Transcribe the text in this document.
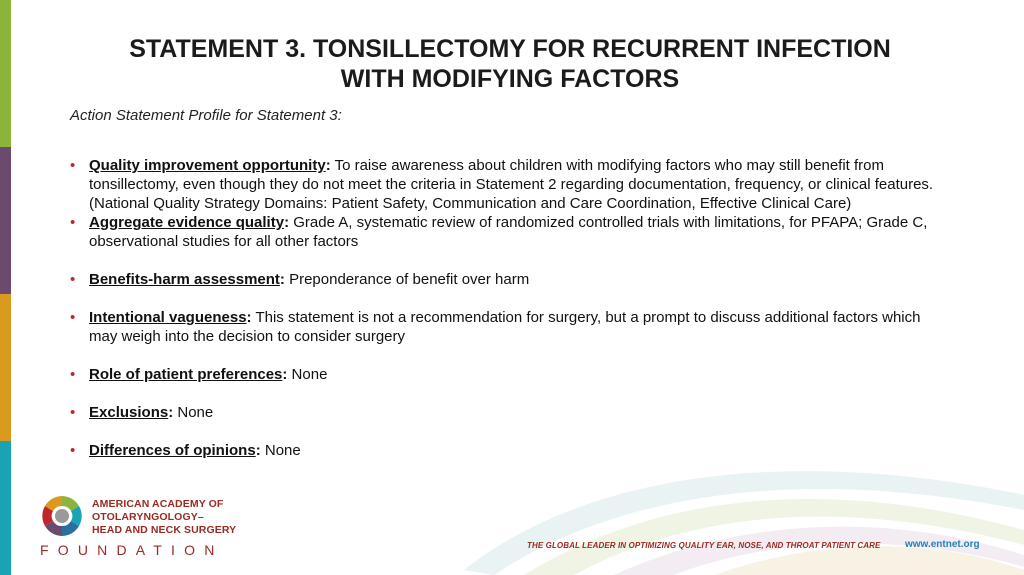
STATEMENT 3. TONSILLECTOMY FOR RECURRENT INFECTION
WITH MODIFYING FACTORS
Action Statement Profile for Statement 3:
• Quality improvement opportunity: To raise awareness about children with modifying factors who may still benefit from tonsillectomy, even though they do not meet the criteria in Statement 2 regarding documentation, frequency, or clinical features. (National Quality Strategy Domains: Patient Safety, Communication and Care Coordination, Effective Clinical Care)
• Aggregate evidence quality: Grade A, systematic review of randomized controlled trials with limitations, for PFAPA; Grade C, observational studies for all other factors
• Benefits-harm assessment: Preponderance of benefit over harm
• Intentional vagueness: This statement is not a recommendation for surgery, but a prompt to discuss additional factors which may weigh into the decision to consider surgery
• Role of patient preferences: None
• Exclusions: None
• Differences of opinions: None
AMERICAN ACADEMY OF
OTOLARYNGOLOGY–
HEAD AND NECK SURGERY
FOUNDATION	THE GLOBAL LEADER IN OPTIMIZING QUALITY EAR, NOSE, AND THROAT PATIENT CARE www.entnet.org
